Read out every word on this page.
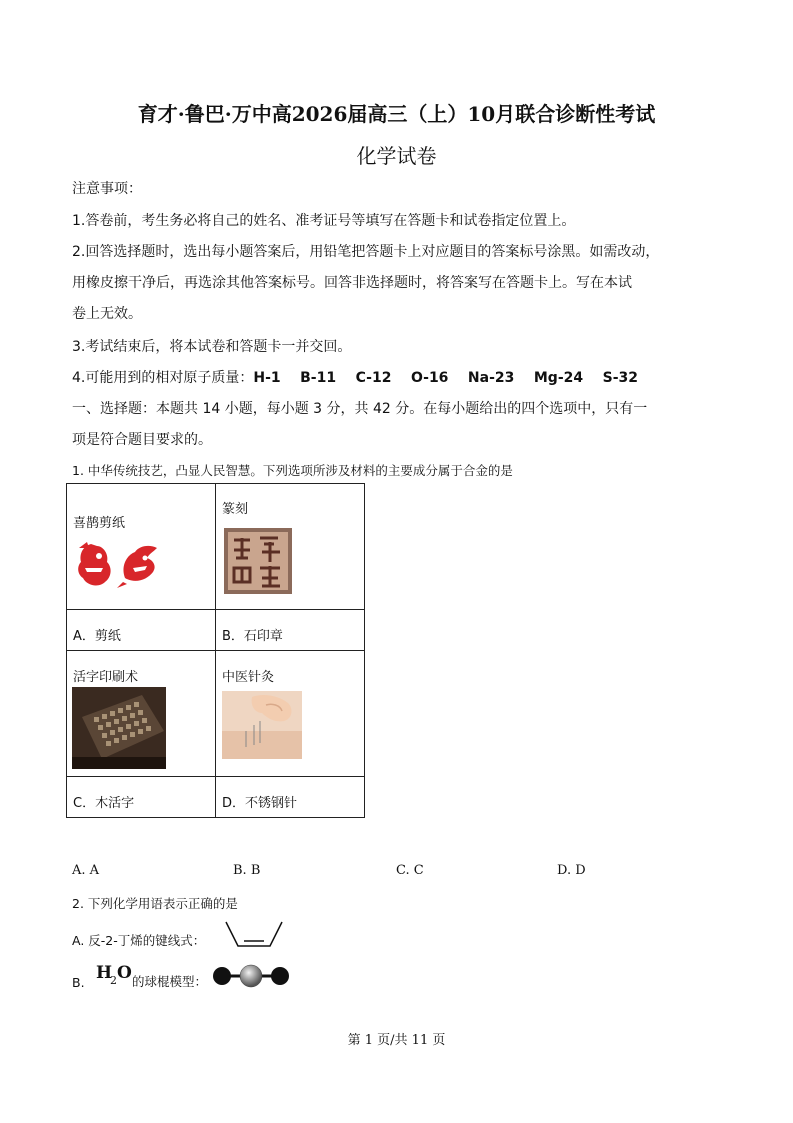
育才·鲁巴·万中高2026届高三（上）10月联合诊断性考试
化学试卷
注意事项：
1.答卷前，考生务必将自己的姓名、准考证号等填写在答题卡和试卷指定位置上。
2.回答选择题时，选出每小题答案后，用铅笔把答题卡上对应题目的答案标号涂黑。如需改动，
用橡皮擦干净后，再选涂其他答案标号。回答非选择题时，将答案写在答题卡上。写在本试
卷上无效。
3.考试结束后，将本试卷和答题卡一并交回。
4.可能用到的相对原子质量：H-1    B-11    C-12    O-16    Na-23    Mg-24    S-32
一、选择题：本题共 14 小题，每小题 3 分，共 42 分。在每小题给出的四个选项中，只有一
项是符合题目要求的。
1. 中华传统技艺，凸显人民智慧。下列选项所涉及材料的主要成分属于合金的是
喜鹊剪纸	篆刻

A．剪纸	B．石印章

活字印刷术	中医针灸

C．木活字	D．不锈钢针
A. A	B. B	C. C	D. D
2. 下列化学用语表示正确的是
A. 反-2-丁烯的键线式：
B. H
2 O 的球棍模型：
第 1 页/共 11 页
